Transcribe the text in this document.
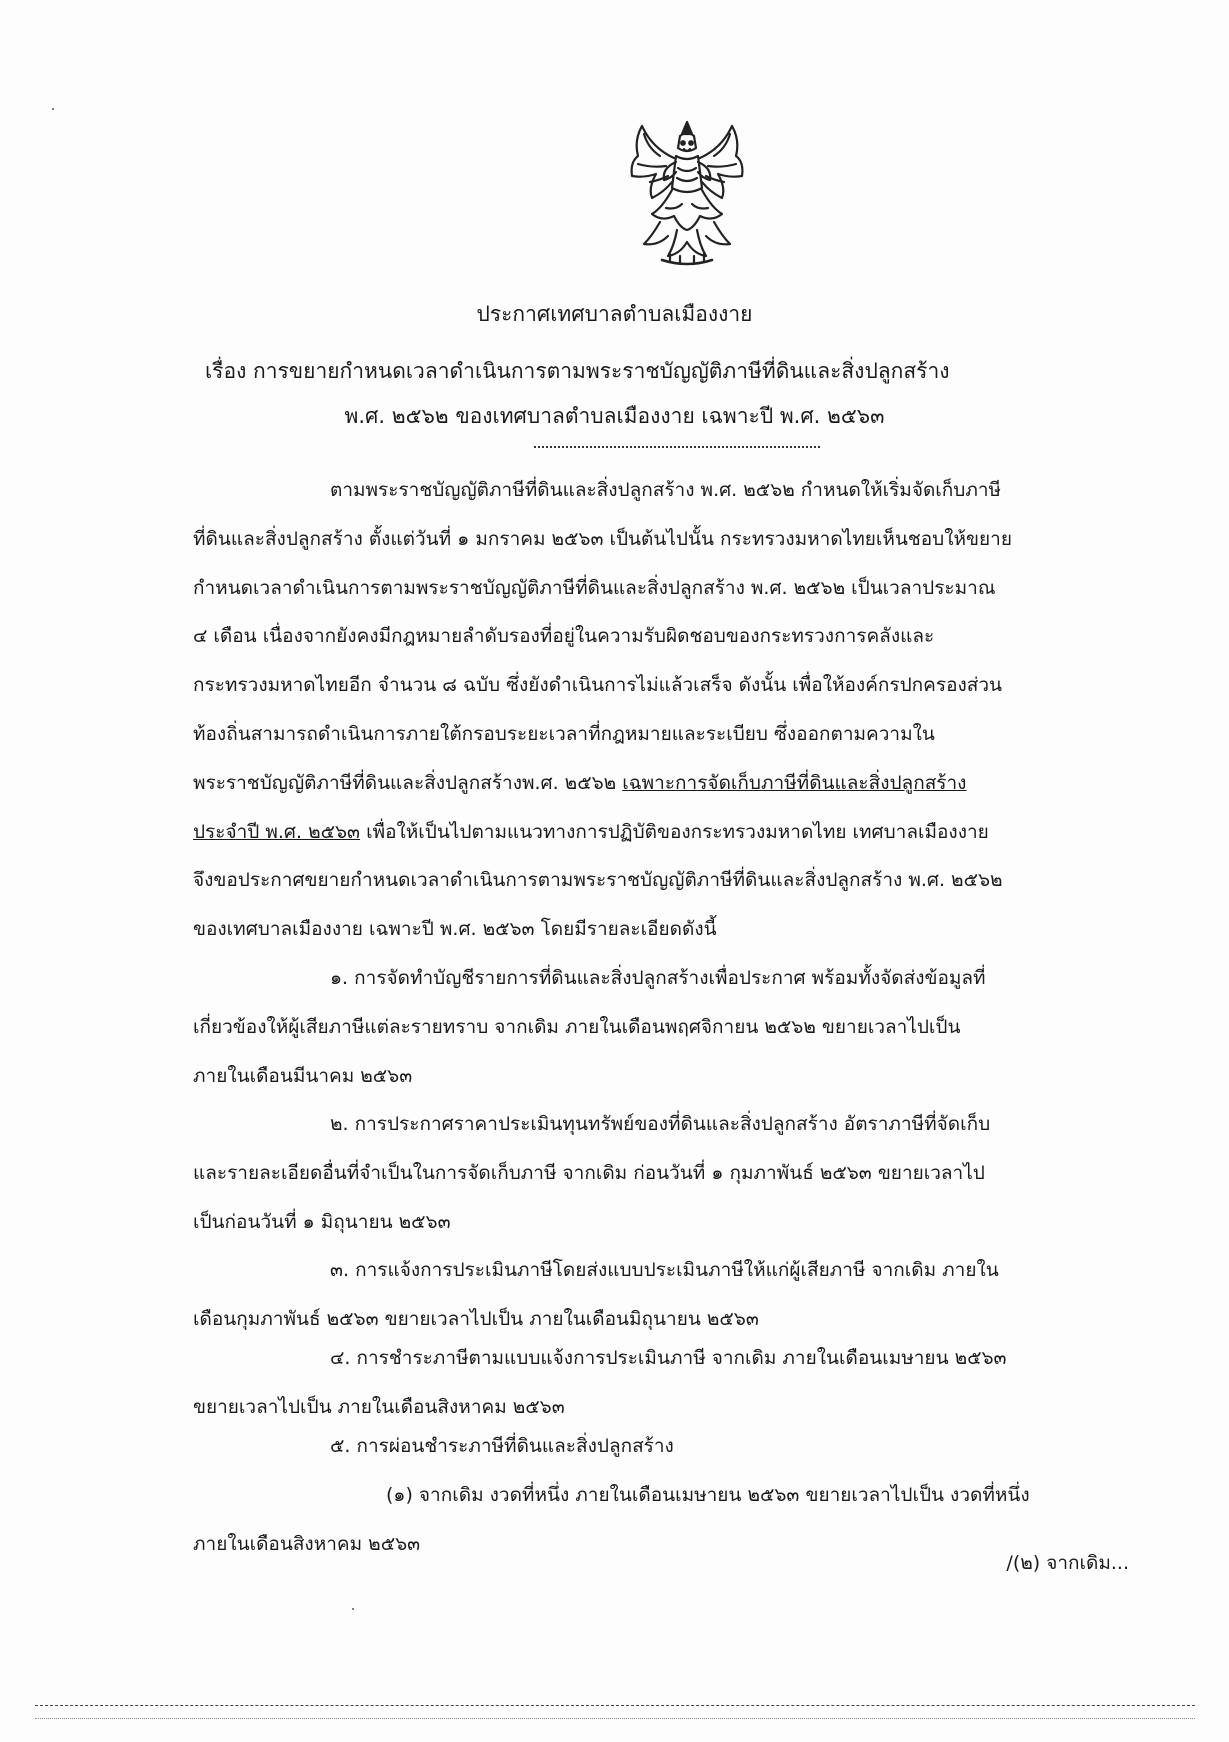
ประกาศเทศบาลตำบลเมืองงาย
เรื่อง การขยายกำหนดเวลาดำเนินการตามพระราชบัญญัติภาษีที่ดินและสิ่งปลูกสร้าง
พ.ศ. ๒๕๖๒ ของเทศบาลตำบลเมืองงาย เฉพาะปี พ.ศ. ๒๕๖๓
ตามพระราชบัญญัติภาษีที่ดินและสิ่งปลูกสร้าง พ.ศ. ๒๕๖๒ กำหนดให้เริ่มจัดเก็บภาษี
ที่ดินและสิ่งปลูกสร้าง ตั้งแต่วันที่ ๑ มกราคม ๒๕๖๓ เป็นต้นไปนั้น กระทรวงมหาดไทยเห็นชอบให้ขยาย
กำหนดเวลาดำเนินการตามพระราชบัญญัติภาษีที่ดินและสิ่งปลูกสร้าง พ.ศ. ๒๕๖๒ เป็นเวลาประมาณ
๔ เดือน เนื่องจากยังคงมีกฎหมายลำดับรองที่อยู่ในความรับผิดชอบของกระทรวงการคลังและ
กระทรวงมหาดไทยอีก จำนวน ๘ ฉบับ ซึ่งยังดำเนินการไม่แล้วเสร็จ ดังนั้น เพื่อให้องค์กรปกครองส่วน
ท้องถิ่นสามารถดำเนินการภายใต้กรอบระยะเวลาที่กฎหมายและระเบียบ ซึ่งออกตามความใน
พระราชบัญญัติภาษีที่ดินและสิ่งปลูกสร้างพ.ศ. ๒๕๖๒ เฉพาะการจัดเก็บภาษีที่ดินและสิ่งปลูกสร้าง
ประจำปี พ.ศ. ๒๕๖๓ เพื่อให้เป็นไปตามแนวทางการปฏิบัติของกระทรวงมหาดไทย เทศบาลเมืองงาย
จึงขอประกาศขยายกำหนดเวลาดำเนินการตามพระราชบัญญัติภาษีที่ดินและสิ่งปลูกสร้าง พ.ศ. ๒๕๖๒
ของเทศบาลเมืองงาย เฉพาะปี พ.ศ. ๒๕๖๓ โดยมีรายละเอียดดังนี้
๑. การจัดทำบัญชีรายการที่ดินและสิ่งปลูกสร้างเพื่อประกาศ พร้อมทั้งจัดส่งข้อมูลที่
เกี่ยวข้องให้ผู้เสียภาษีแต่ละรายทราบ จากเดิม ภายในเดือนพฤศจิกายน ๒๕๖๒ ขยายเวลาไปเป็น
ภายในเดือนมีนาคม ๒๕๖๓
๒. การประกาศราคาประเมินทุนทรัพย์ของที่ดินและสิ่งปลูกสร้าง อัตราภาษีที่จัดเก็บ
และรายละเอียดอื่นที่จำเป็นในการจัดเก็บภาษี จากเดิม ก่อนวันที่ ๑ กุมภาพันธ์ ๒๕๖๓ ขยายเวลาไป
เป็นก่อนวันที่ ๑ มิถุนายน ๒๕๖๓
๓. การแจ้งการประเมินภาษีโดยส่งแบบประเมินภาษีให้แก่ผู้เสียภาษี จากเดิม ภายใน
เดือนกุมภาพันธ์ ๒๕๖๓ ขยายเวลาไปเป็น ภายในเดือนมิถุนายน ๒๕๖๓
๔. การชำระภาษีตามแบบแจ้งการประเมินภาษี จากเดิม ภายในเดือนเมษายน ๒๕๖๓
ขยายเวลาไปเป็น ภายในเดือนสิงหาคม ๒๕๖๓
๕. การผ่อนชำระภาษีที่ดินและสิ่งปลูกสร้าง
(๑) จากเดิม งวดที่หนึ่ง ภายในเดือนเมษายน ๒๕๖๓ ขยายเวลาไปเป็น งวดที่หนึ่ง
ภายในเดือนสิงหาคม ๒๕๖๓
/(๒) จากเดิม...
